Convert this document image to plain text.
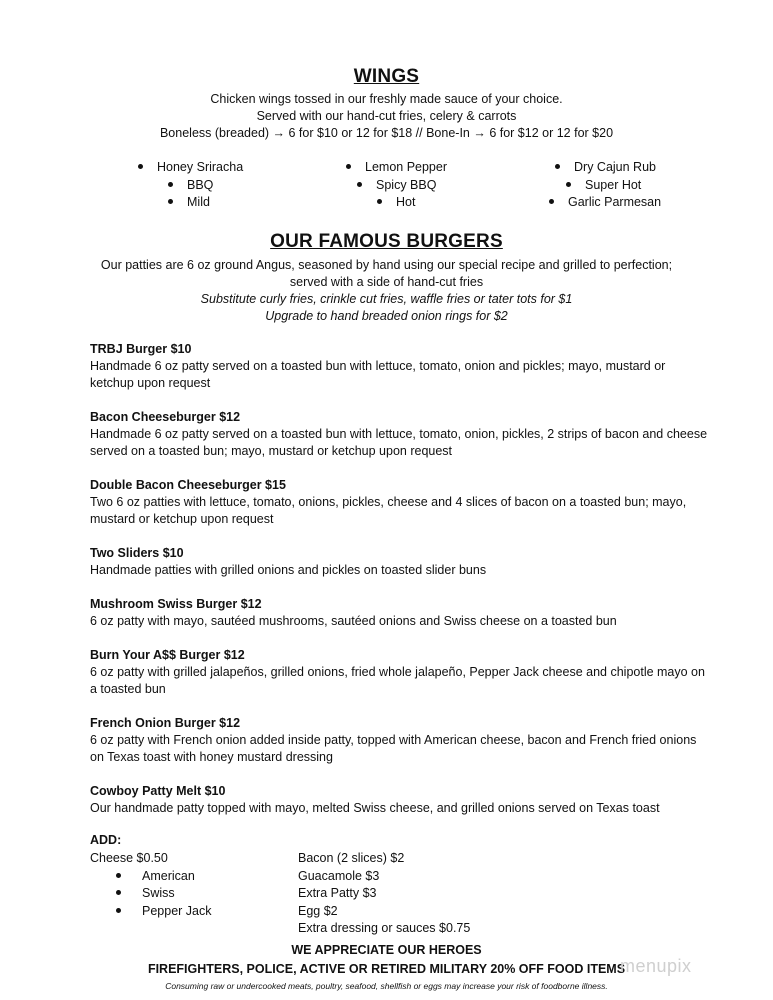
WINGS
Chicken wings tossed in our freshly made sauce of your choice.
Served with our hand-cut fries, celery & carrots
Boneless (breaded) → 6 for $10 or 12 for $18 // Bone-In → 6 for $12 or 12 for $20
Honey Sriracha
BBQ
Mild
Lemon Pepper
Spicy BBQ
Hot
Dry Cajun Rub
Super Hot
Garlic Parmesan
OUR FAMOUS BURGERS
Our patties are 6 oz ground Angus, seasoned by hand using our special recipe and grilled to perfection;
served with a side of hand-cut fries
Substitute curly fries, crinkle cut fries, waffle fries or tater tots for $1
Upgrade to hand breaded onion rings for $2
TRBJ Burger $10
Handmade 6 oz patty served on a toasted bun with lettuce, tomato, onion and pickles; mayo, mustard or ketchup upon request
Bacon Cheeseburger $12
Handmade 6 oz patty served on a toasted bun with lettuce, tomato, onion, pickles, 2 strips of bacon and cheese served on a toasted bun; mayo, mustard or ketchup upon request
Double Bacon Cheeseburger $15
Two 6 oz patties with lettuce, tomato, onions, pickles, cheese and 4 slices of bacon on a toasted bun; mayo, mustard or ketchup upon request
Two Sliders $10
Handmade patties with grilled onions and pickles on toasted slider buns
Mushroom Swiss Burger $12
6 oz patty with mayo, sautéed mushrooms, sautéed onions and Swiss cheese on a toasted bun
Burn Your A$$ Burger $12
6 oz patty with grilled jalapeños, grilled onions, fried whole jalapeño, Pepper Jack cheese and chipotle mayo on a toasted bun
French Onion Burger $12
6 oz patty with French onion added inside patty, topped with American cheese, bacon and French fried onions on Texas toast with honey mustard dressing
Cowboy Patty Melt $10
Our handmade patty topped with mayo, melted Swiss cheese, and grilled onions served on Texas toast
ADD:
Cheese $0.50
American
Swiss
Pepper Jack
Bacon (2 slices) $2
Guacamole $3
Extra Patty $3
Egg $2
Extra dressing or sauces $0.75
WE APPRECIATE OUR HEROES
FIREFIGHTERS, POLICE, ACTIVE OR RETIRED MILITARY 20% OFF FOOD ITEMS
Consuming raw or undercooked meats, poultry, seafood, shellfish or eggs may increase your risk of foodborne illness.
menupix
